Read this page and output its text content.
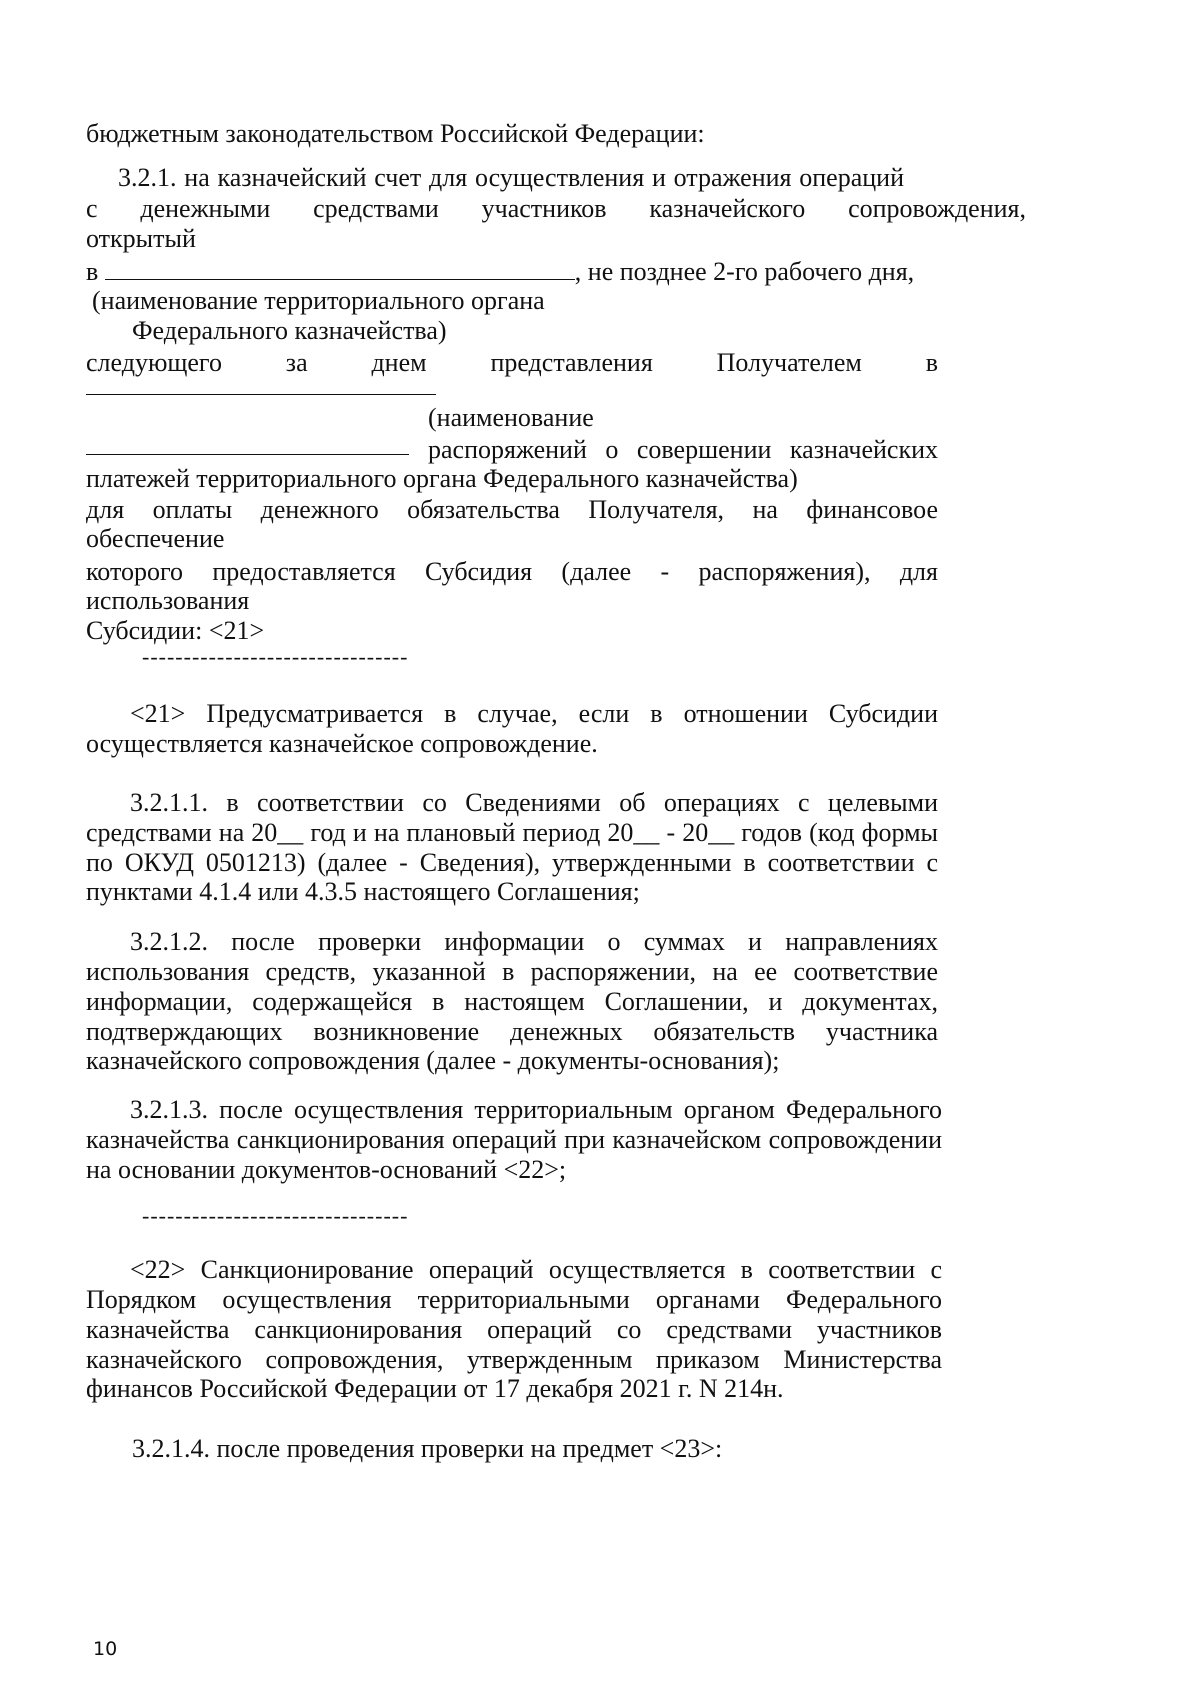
бюджетным законодательством Российской Федерации:
3.2.1. на казначейский счет для осуществления и отражения операций
с денежными средствами участников казначейского сопровождения,
открытый
в	, не позднее 2-го рабочего дня,
(наименование территориального органа
Федерального казначейства)
следующего за днем представления Получателем в
(наименование
распоряжений о совершении казначейских
платежей территориального органа Федерального казначейства)
для оплаты денежного обязательства Получателя, на финансовое
обеспечение
которого предоставляется Субсидия (далее - распоряжения), для
использования
Субсидии: <21>
--------------------------------
<21> Предусматривается в случае, если в отношении Субсидии
осуществляется казначейское сопровождение.
3.2.1.1. в соответствии со Сведениями об операциях с целевыми
средствами на 20__ год и на плановый период 20__ - 20__ годов (код формы
по ОКУД 0501213) (далее - Сведения), утвержденными в соответствии с
пунктами 4.1.4 или 4.3.5 настоящего Соглашения;
3.2.1.2. после проверки информации о суммах и направлениях
использования средств, указанной в распоряжении, на ее соответствие
информации, содержащейся в настоящем Соглашении, и документах,
подтверждающих возникновение денежных обязательств участника
казначейского сопровождения (далее - документы-основания);
3.2.1.3. после осуществления территориальным органом Федерального
казначейства санкционирования операций при казначейском сопровождении
на основании документов-оснований <22>;
--------------------------------
<22> Санкционирование операций осуществляется в соответствии с
Порядком осуществления территориальными органами Федерального
казначейства санкционирования операций со средствами участников
казначейского сопровождения, утвержденным приказом Министерства
финансов Российской Федерации от 17 декабря 2021 г. N 214н.
3.2.1.4. после проведения проверки на предмет <23>:
10
